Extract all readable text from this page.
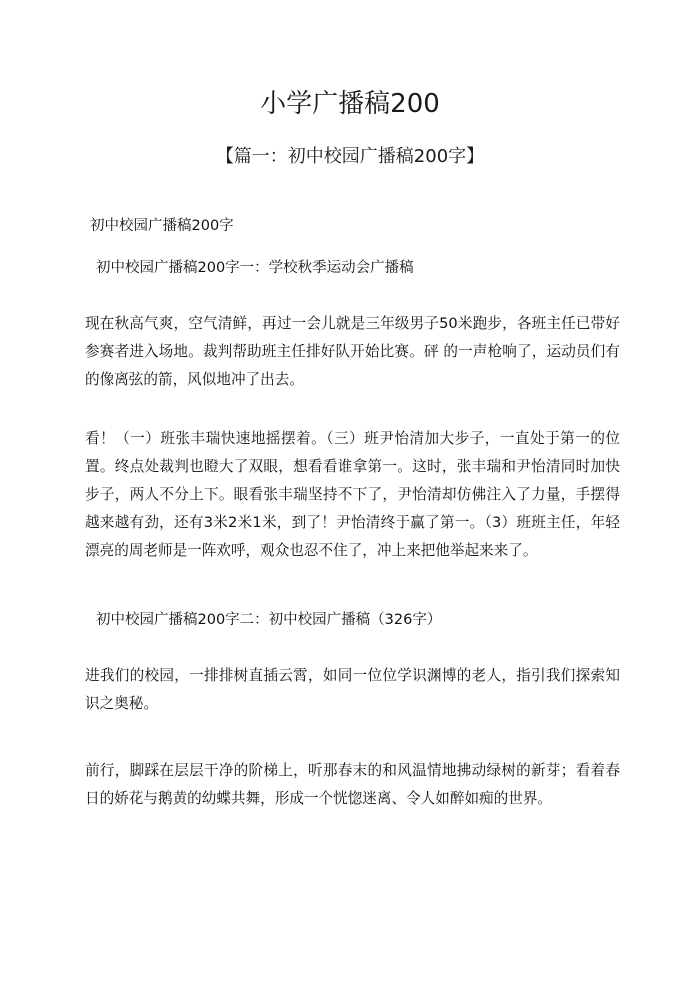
小学广播稿200
【篇一：初中校园广播稿200字】
初中校园广播稿200字
初中校园广播稿200字一：学校秋季运动会广播稿

现在秋高气爽，空气清鲜，再过一会儿就是三年级男子50米跑步，各班主任已带好参赛者进入场地。裁判帮助班主任排好队开始比赛。砰 的一声枪响了，运动员们有的像离弦的箭，风似地冲了出去。

看！（一）班张丰瑞快速地摇摆着。（三）班尹怡清加大步子，一直处于第一的位置。终点处裁判也瞪大了双眼，想看看谁拿第一。这时，张丰瑞和尹怡清同时加快步子，两人不分上下。眼看张丰瑞坚持不下了，尹怡清却仿佛注入了力量，手摆得越来越有劲，还有3米2米1米，到了！尹怡清终于赢了第一。（3）班班主任，年轻漂亮的周老师是一阵欢呼，观众也忍不住了，冲上来把他举起来来了。

初中校园广播稿200字二：初中校园广播稿（326字）

进我们的校园，一排排树直插云霄，如同一位位学识渊博的老人，指引我们探索知识之奥秘。

前行，脚踩在层层干净的阶梯上，听那春末的和风温情地拂动绿树的新芽；看着春日的娇花与鹅黄的幼蝶共舞，形成一个恍惚迷离、令人如醉如痴的世界。
